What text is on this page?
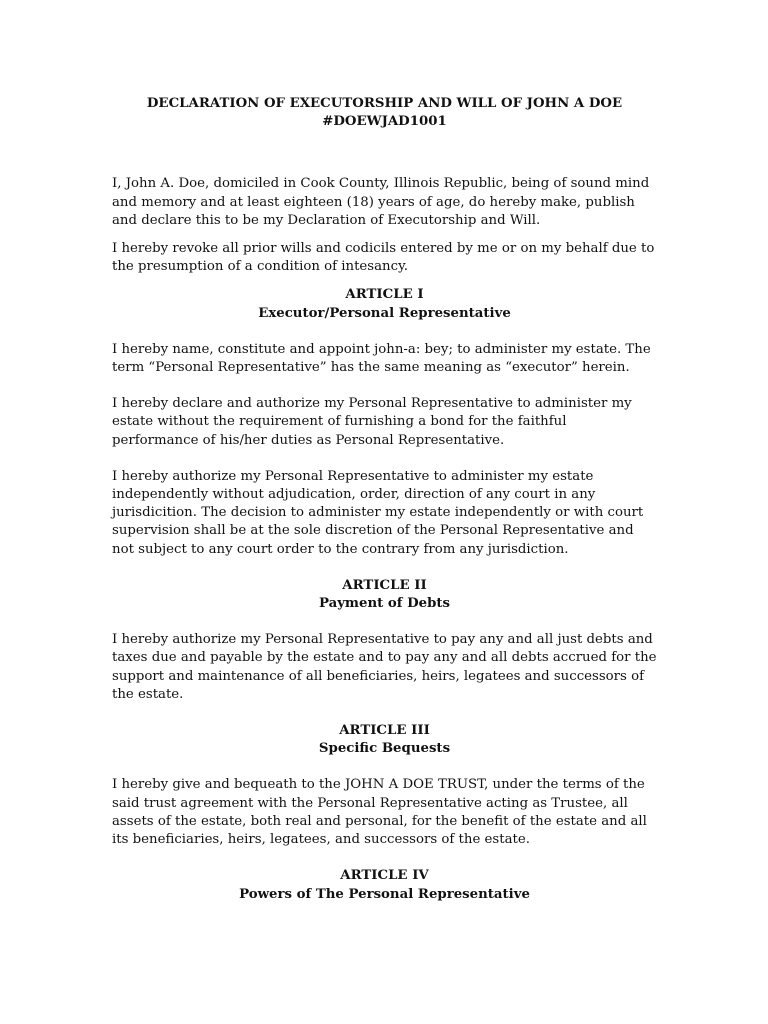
DECLARATION OF EXECUTORSHIP AND WILL OF JOHN A DOE
#DOEWJAD1001

I, John A. Doe, domiciled in Cook County, Illinois Republic, being of sound mind and memory and at least eighteen (18) years of age, do hereby make, publish and declare this to be my Declaration of Executorship and Will.

I hereby revoke all prior wills and codicils entered by me or on my behalf due to the presumption of a condition of intesancy.

ARTICLE I
Executor/Personal Representative

I hereby name, constitute and appoint john-a: bey; to administer my estate. The term “Personal Representative” has the same meaning as “executor” herein.

I hereby declare and authorize my Personal Representative to administer my estate without the requirement of furnishing a bond for the faithful performance of his/her duties as Personal Representative.

I hereby authorize my Personal Representative to administer my estate independently without adjudication, order, direction of any court in any jurisdicition. The decision to administer my estate independently or with court supervision shall be at the sole discretion of the Personal Representative and not subject to any court order to the contrary from any jurisdiction.

ARTICLE II
Payment of Debts

I hereby authorize my Personal Representative to pay any and all just debts and taxes due and payable by the estate and to pay any and all debts accrued for the support and maintenance of all beneficiaries, heirs, legatees and successors of the estate.

ARTICLE III
Specific Bequests

I hereby give and bequeath to the JOHN A DOE TRUST, under the terms of the said trust agreement with the Personal Representative acting as Trustee, all assets of the estate, both real and personal, for the benefit of the estate and all its beneficiaries, heirs, legatees, and successors of the estate.

ARTICLE IV
Powers of The Personal Representative
